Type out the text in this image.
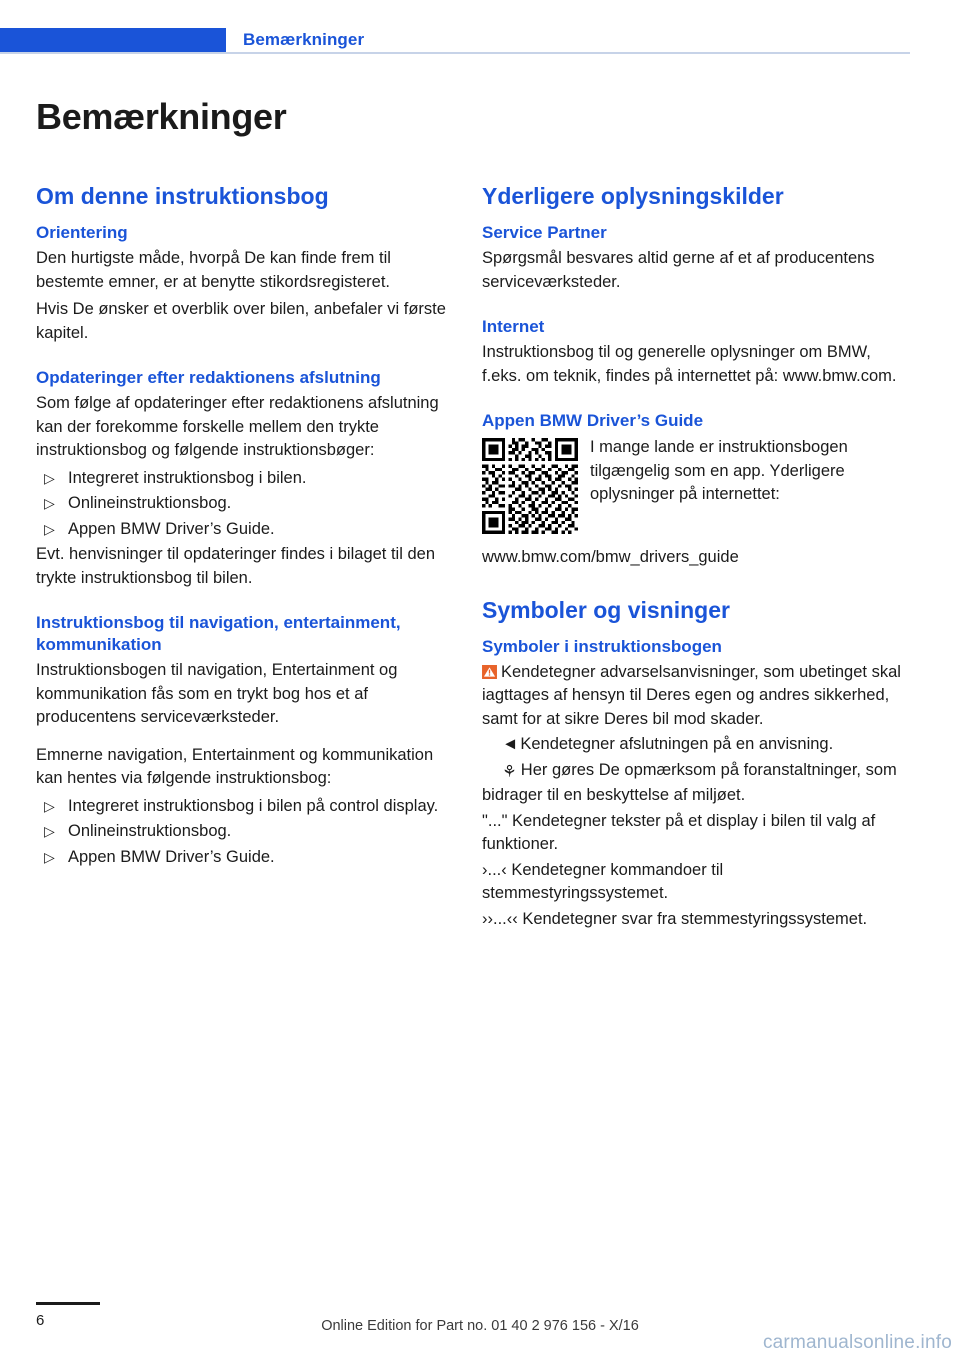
Bemærkninger
Bemærkninger
Om denne instruktionsbog
Orientering

Den hurtigste måde, hvorpå De kan finde frem til bestemte emner, er at benytte stikordsregisteret.

Hvis De ønsker et overblik over bilen, anbefaler vi første kapitel.

Opdateringer efter redaktionens afslutning

Som følge af opdateringer efter redaktionens afslutning kan der forekomme forskelle mellem den trykte instruktionsbog og følgende instruktionsbøger:

▷ Integreret instruktionsbog i bilen.
▷ Onlineinstruktionsbog.
▷ Appen BMW Driver’s Guide.

Evt. henvisninger til opdateringer findes i bilaget til den trykte instruktionsbog til bilen.

Instruktionsbog til navigation, entertainment, kommunikation

Instruktionsbogen til navigation, Entertainment og kommunikation fås som en trykt bog hos et af producentens serviceværksteder.

Emnerne navigation, Entertainment og kommunikation kan hentes via følgende instruktionsbog:

▷ Integreret instruktionsbog i bilen på control display.
▷ Onlineinstruktionsbog.
▷ Appen BMW Driver’s Guide.
Yderligere oplysningskilder
Service Partner

Spørgsmål besvares altid gerne af et af producentens serviceværksteder.

Internet

Instruktionsbog til og generelle oplysninger om BMW, f.eks. om teknik, findes på internettet på: www.bmw.com.

Appen BMW Driver’s Guide
I mange lande er instruktionsbogen tilgængelig som en app. Yderligere oplysninger på internettet:
www.bmw.com/bmw_drivers_guide
Symboler og visninger
Symboler i instruktionsbogen

Kendetegner advarselsanvisninger, som ubetinget skal iagttages af hensyn til Deres egen og andres sikkerhed, samt for at sikre Deres bil mod skader.

◄ Kendetegner afslutningen på en anvisning.

⚘ Her gøres De opmærksom på foranstaltninger, som bidrager til en beskyttelse af miljøet.

"..." Kendetegner tekster på et display i bilen til valg af funktioner.

›...‹ Kendetegner kommandoer til stemmestyringssystemet.

››...‹‹ Kendetegner svar fra stemmestyringssystemet.

6	Online Edition for Part no. 01 40 2 976 156 - X/16
carmanualsonline.info
